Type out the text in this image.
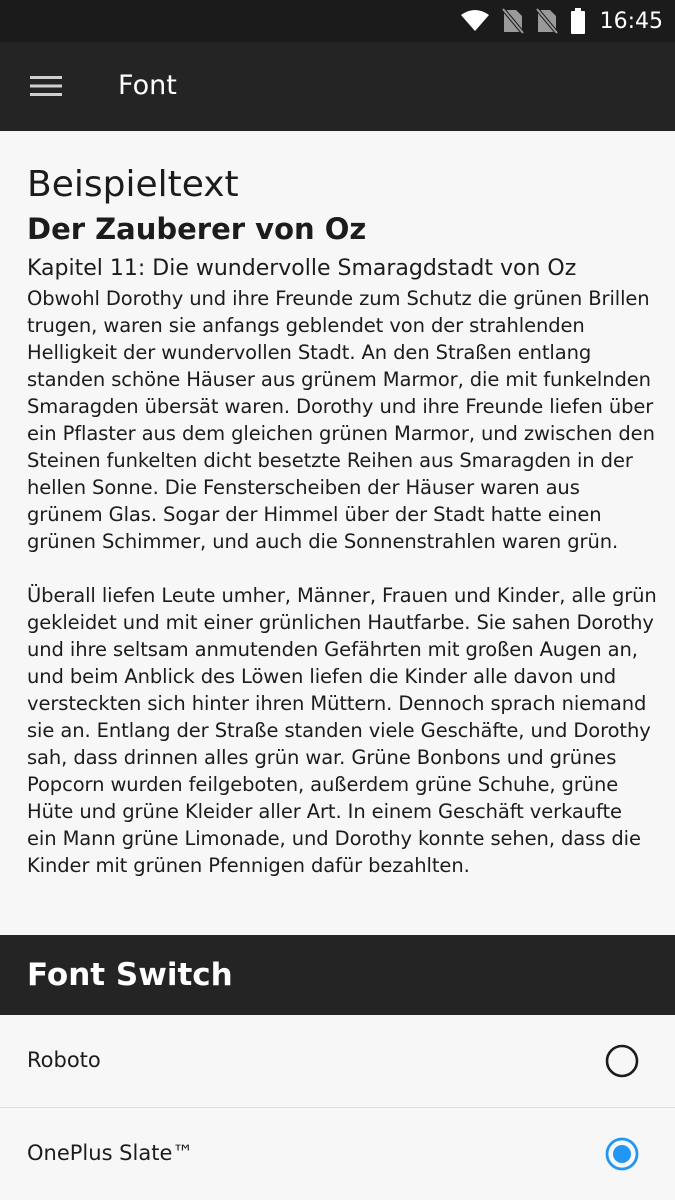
16:45
Font
Beispieltext
Der Zauberer von Oz
Kapitel 11: Die wundervolle Smaragdstadt von Oz

Obwohl Dorothy und ihre Freunde zum Schutz die grünen Brillen trugen, waren sie anfangs geblendet von der strahlenden Helligkeit der wundervollen Stadt. An den Straßen entlang standen schöne Häuser aus grünem Marmor, die mit funkelnden Smaragden übersät waren. Dorothy und ihre Freunde liefen über ein Pflaster aus dem gleichen grünen Marmor, und zwischen den Steinen funkelten dicht besetzte Reihen aus Smaragden in der hellen Sonne. Die Fensterscheiben der Häuser waren aus grünem Glas. Sogar der Himmel über der Stadt hatte einen grünen Schimmer, und auch die Sonnenstrahlen waren grün.

Überall liefen Leute umher, Männer, Frauen und Kinder, alle grün gekleidet und mit einer grünlichen Hautfarbe. Sie sahen Dorothy und ihre seltsam anmutenden Gefährten mit großen Augen an, und beim Anblick des Löwen liefen die Kinder alle davon und versteckten sich hinter ihren Müttern. Dennoch sprach niemand sie an. Entlang der Straße standen viele Geschäfte, und Dorothy sah, dass drinnen alles grün war. Grüne Bonbons und grünes Popcorn wurden feilgeboten, außerdem grüne Schuhe, grüne Hüte und grüne Kleider aller Art. In einem Geschäft verkaufte ein Mann grüne Limonade, und Dorothy konnte sehen, dass die Kinder mit grünen Pfennigen dafür bezahlten.

Font Switch
Roboto
OnePlus Slate™
